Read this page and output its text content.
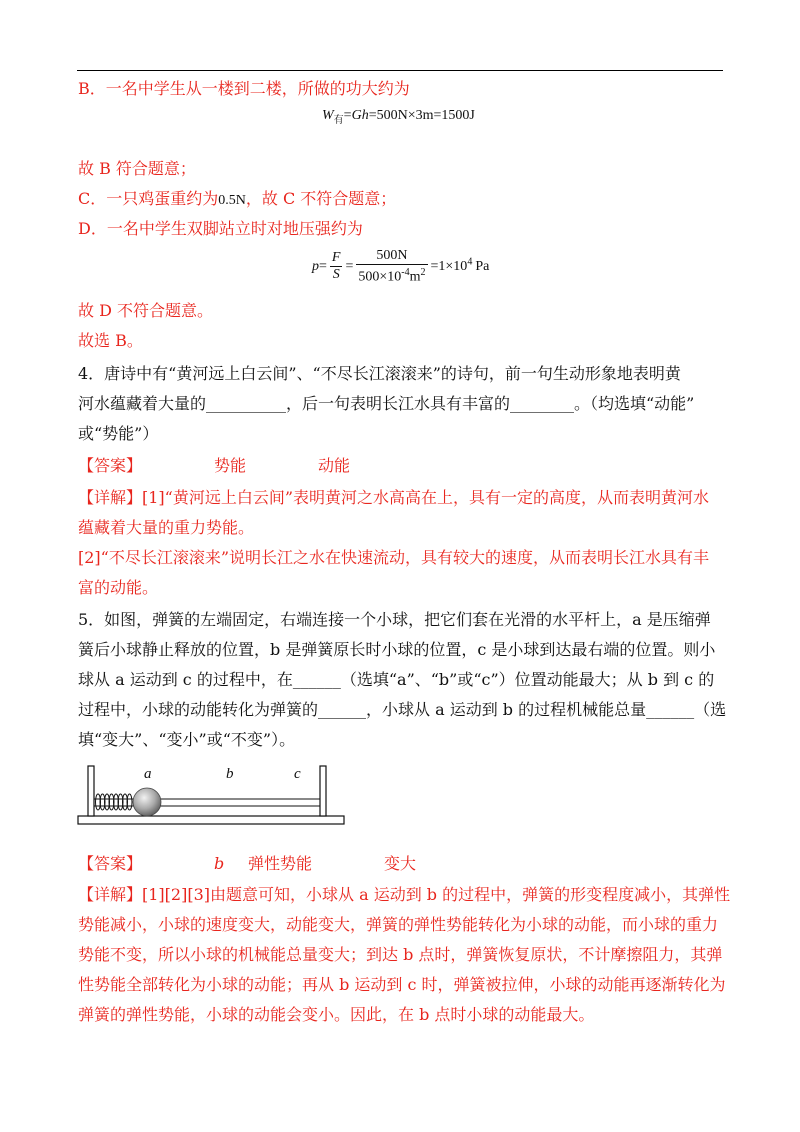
B．一名中学生从一楼到二楼，所做的功大约为
$W_有=Gh=500N\times 3m=1500J$
故 B 符合题意；
C．一只鸡蛋重约为0.5N，故 C 不符合题意；
D．一名中学生双脚站立时对地压强约为
$p= \frac{F}{S} = \frac{500N}{500\times 10^{-4}m^2} =1\times 10^4$ Pa
故 D 不符合题意。
故选 B。
4．唐诗中有“黄河远上白云间”、“不尽长江滚滚来”的诗句，前一句生动形象地表明黄
河水蕴藏着大量的__________，后一句表明长江水具有丰富的________。（均选填“动能”
或“势能”）
【答案】	势能	动能
【详解】[1]“黄河远上白云间”表明黄河之水高高在上，具有一定的高度，从而表明黄河水
蕴藏着大量的重力势能。
[2]“不尽长江滚滚来”说明长江之水在快速流动，具有较大的速度，从而表明长江水具有丰
富的动能。
5．如图，弹簧的左端固定，右端连接一个小球，把它们套在光滑的水平杆上，a 是压缩弹
簧后小球静止释放的位置，b 是弹簧原长时小球的位置，c 是小球到达最右端的位置。则小
球从 a 运动到 c 的过程中，在______（选填“a”、“b”或“c”）位置动能最大；从 b 到 c 的
过程中，小球的动能转化为弹簧的______，小球从 a 运动到 b 的过程机械能总量______（选
填“变大”、“变小”或“不变”）。
a	b	c
【答案】	b 弹性势能	变大
【详解】[1][2][3]由题意可知，小球从 a 运动到 b 的过程中，弹簧的形变程度减小，其弹性
势能减小，小球的速度变大，动能变大，弹簧的弹性势能转化为小球的动能，而小球的重力
势能不变，所以小球的机械能总量变大；到达 b 点时，弹簧恢复原状，不计摩擦阻力，其弹
性势能全部转化为小球的动能；再从 b 运动到 c 时，弹簧被拉伸，小球的动能再逐渐转化为
弹簧的弹性势能，小球的动能会变小。因此，在 b 点时小球的动能最大。
